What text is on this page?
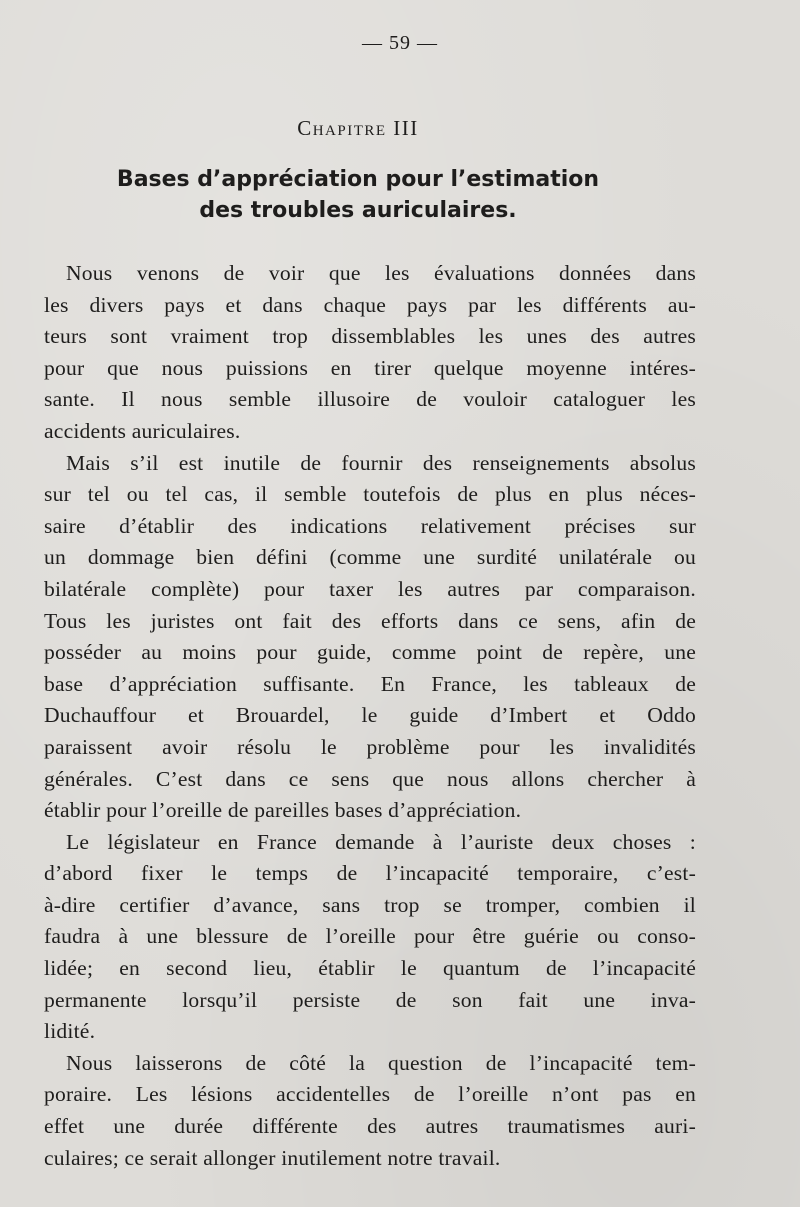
— 59 —
Chapitre III
Bases d’appréciation pour l’estimation
des troubles auriculaires.
Nous venons de voir que les évaluations données dans
les divers pays et dans chaque pays par les différents au-
teurs sont vraiment trop dissemblables les unes des autres
pour que nous puissions en tirer quelque moyenne intéres-
sante. Il nous semble illusoire de vouloir cataloguer les
accidents auriculaires.
Mais s’il est inutile de fournir des renseignements absolus
sur tel ou tel cas, il semble toutefois de plus en plus néces-
saire d’établir des indications relativement précises sur
un dommage bien défini (comme une surdité unilatérale ou
bilatérale complète) pour taxer les autres par comparaison.
Tous les juristes ont fait des efforts dans ce sens, afin de
posséder au moins pour guide, comme point de repère, une
base d’appréciation suffisante. En France, les tableaux de
Duchauffour et Brouardel, le guide d’Imbert et Oddo
paraissent avoir résolu le problème pour les invalidités
générales. C’est dans ce sens que nous allons chercher à
établir pour l’oreille de pareilles bases d’appréciation.
Le législateur en France demande à l’auriste deux choses :
d’abord fixer le temps de l’incapacité temporaire, c’est-
à-dire certifier d’avance, sans trop se tromper, combien il
faudra à une blessure de l’oreille pour être guérie ou conso-
lidée; en second lieu, établir le quantum de l’incapacité
permanente lorsqu’il persiste de son fait une inva-
lidité.
Nous laisserons de côté la question de l’incapacité tem-
poraire. Les lésions accidentelles de l’oreille n’ont pas en
effet une durée différente des autres traumatismes auri-
culaires; ce serait allonger inutilement notre travail.
